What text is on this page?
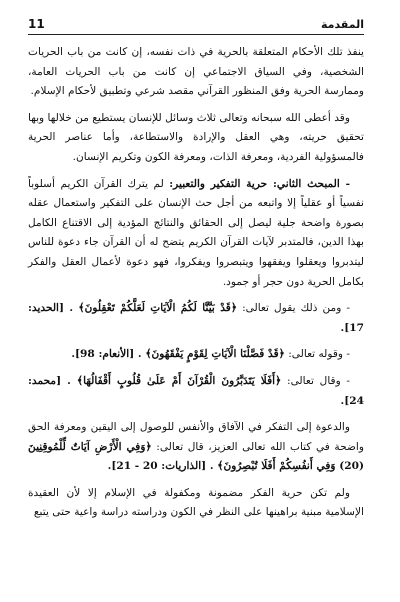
المقدمة
11

ينفذ تلك الأحكام المتعلقة بالحرية في ذات نفسه، إن كانت من باب الحريات الشخصية، وفي السياق الاجتماعي إن كانت من باب الحريات العامة، وممارسة الحرية وفق المنظور القرآني مقصد شرعي وتطبيق لأحكام الإسلام.

وقد أعطى الله سبحانه وتعالى ثلاث وسائل للإنسان يستطيع من خلالها وبها تحقيق حريته، وهي العقل والإرادة والاستطاعة، وأما عناصر الحرية فالمسؤولية الفردية، ومعرفة الذات، ومعرفة الكون وتكريم الإنسان.

- المبحث الثاني: حرية التفكير والتعبير: لم يترك القرآن الكريم أسلوباً نفسياً أو عقلياً إلا واتبعه من أجل حث الإنسان على التفكير واستعمال عقله بصورة واضحة جلية ليصل إلى الحقائق والنتائج المؤدية إلى الاقتناع الكامل بهذا الدين، فالمتدبر لآيات القرآن الكريم يتضح له أن القرآن جاء دعوة للناس ليتدبروا ويعقلوا ويفقهوا ويتبصروا ويفكروا، فهو دعوة لأعمال العقل والفكر بكامل الحرية دون حجر أو جمود.

- ومن ذلك يقول تعالى: ﴿قَدْ بَيَّنَّا لَكُمُ الْآيَاتِ لَعَلَّكُمْ تَعْقِلُونَ﴾ . [الحديد: 17].

- وقوله تعالى: ﴿قَدْ فَصَّلْنَا الْآيَاتِ لِقَوْمٍ يَفْقَهُونَ﴾ . [الأنعام: 98].

- وقال تعالى: ﴿أَفَلَا يَتَدَبَّرُونَ الْقُرْآنَ أَمْ عَلَىٰ قُلُوبٍ أَقْفَالُهَا﴾ . [محمد: 24].

والدعوة إلى التفكر في الآفاق والأنفس للوصول إلى اليقين ومعرفة الحق واضحة في كتاب الله تعالى العزيز، قال تعالى: ﴿وَفِي الْأَرْضِ آيَاتٌ لِّلْمُوقِنِينَ (20) وَفِي أَنفُسِكُمْ أَفَلَا تُبْصِرُونَ﴾ . [الذاريات: 20 - 21].

ولم تكن حرية الفكر مضمونة ومكفولة في الإسلام إلا لأن العقيدة الإسلامية مبنية براهينها على النظر في الكون ودراسته دراسة واعية حتى يتبع
